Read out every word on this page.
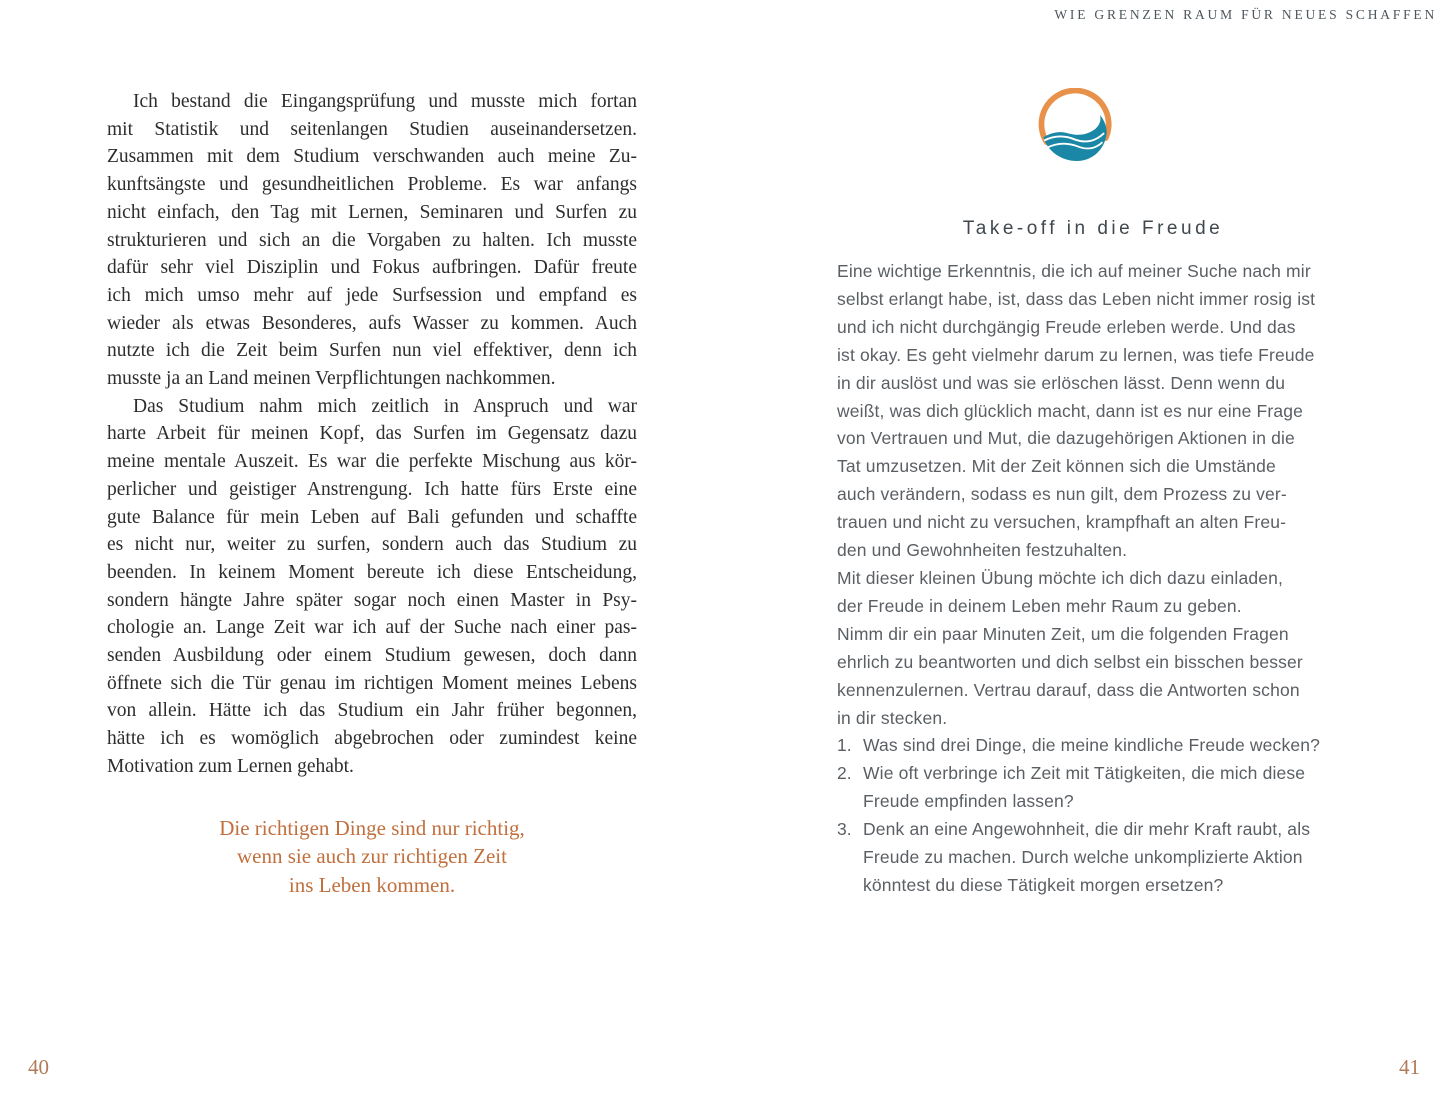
WIE GRENZEN RAUM FÜR NEUES SCHAFFEN
Ich bestand die Eingangsprüfung und musste mich fortan
mit Statistik und seitenlangen Studien auseinandersetzen.
Zusammen mit dem Studium verschwanden auch meine Zu-
kunftsängste und gesundheitlichen Probleme. Es war anfangs
nicht einfach, den Tag mit Lernen, Seminaren und Surfen zu
strukturieren und sich an die Vorgaben zu halten. Ich musste
dafür sehr viel Disziplin und Fokus aufbringen. Dafür freute
ich mich umso mehr auf jede Surfsession und empfand es
wieder als etwas Besonderes, aufs Wasser zu kommen. Auch
nutzte ich die Zeit beim Surfen nun viel effektiver, denn ich
musste ja an Land meinen Verpflichtungen nachkommen.
Das Studium nahm mich zeitlich in Anspruch und war
harte Arbeit für meinen Kopf, das Surfen im Gegensatz dazu
meine mentale Auszeit. Es war die perfekte Mischung aus kör-
perlicher und geistiger Anstrengung. Ich hatte fürs Erste eine
gute Balance für mein Leben auf Bali gefunden und schaffte
es nicht nur, weiter zu surfen, sondern auch das Studium zu
beenden. In keinem Moment bereute ich diese Entscheidung,
sondern hängte Jahre später sogar noch einen Master in Psy-
chologie an. Lange Zeit war ich auf der Suche nach einer pas-
senden Ausbildung oder einem Studium gewesen, doch dann
öffnete sich die Tür genau im richtigen Moment meines Lebens
von allein. Hätte ich das Studium ein Jahr früher begonnen,
hätte ich es womöglich abgebrochen oder zumindest keine
Motivation zum Lernen gehabt.
Die richtigen Dinge sind nur richtig,
wenn sie auch zur richtigen Zeit
ins Leben kommen.
Take-off in die Freude
Eine wichtige Erkenntnis, die ich auf meiner Suche nach mir
selbst erlangt habe, ist, dass das Leben nicht immer rosig ist
und ich nicht durchgängig Freude erleben werde. Und das
ist okay. Es geht vielmehr darum zu lernen, was tiefe Freude
in dir auslöst und was sie erlöschen lässt. Denn wenn du
weißt, was dich glücklich macht, dann ist es nur eine Frage
von Vertrauen und Mut, die dazugehörigen Aktionen in die
Tat umzusetzen. Mit der Zeit können sich die Umstände
auch verändern, sodass es nun gilt, dem Prozess zu ver-
trauen und nicht zu versuchen, krampfhaft an alten Freu-
den und Gewohnheiten festzuhalten.
Mit dieser kleinen Übung möchte ich dich dazu einladen,
der Freude in deinem Leben mehr Raum zu geben.
Nimm dir ein paar Minuten Zeit, um die folgenden Fragen
ehrlich zu beantworten und dich selbst ein bisschen besser
kennenzulernen. Vertrau darauf, dass die Antworten schon
in dir stecken.
1. Was sind drei Dinge, die meine kindliche Freude wecken?
2. Wie oft verbringe ich Zeit mit Tätigkeiten, die mich diese
Freude empfinden lassen?
3. Denk an eine Angewohnheit, die dir mehr Kraft raubt, als
Freude zu machen. Durch welche unkomplizierte Aktion
könntest du diese Tätigkeit morgen ersetzen?
40	41
